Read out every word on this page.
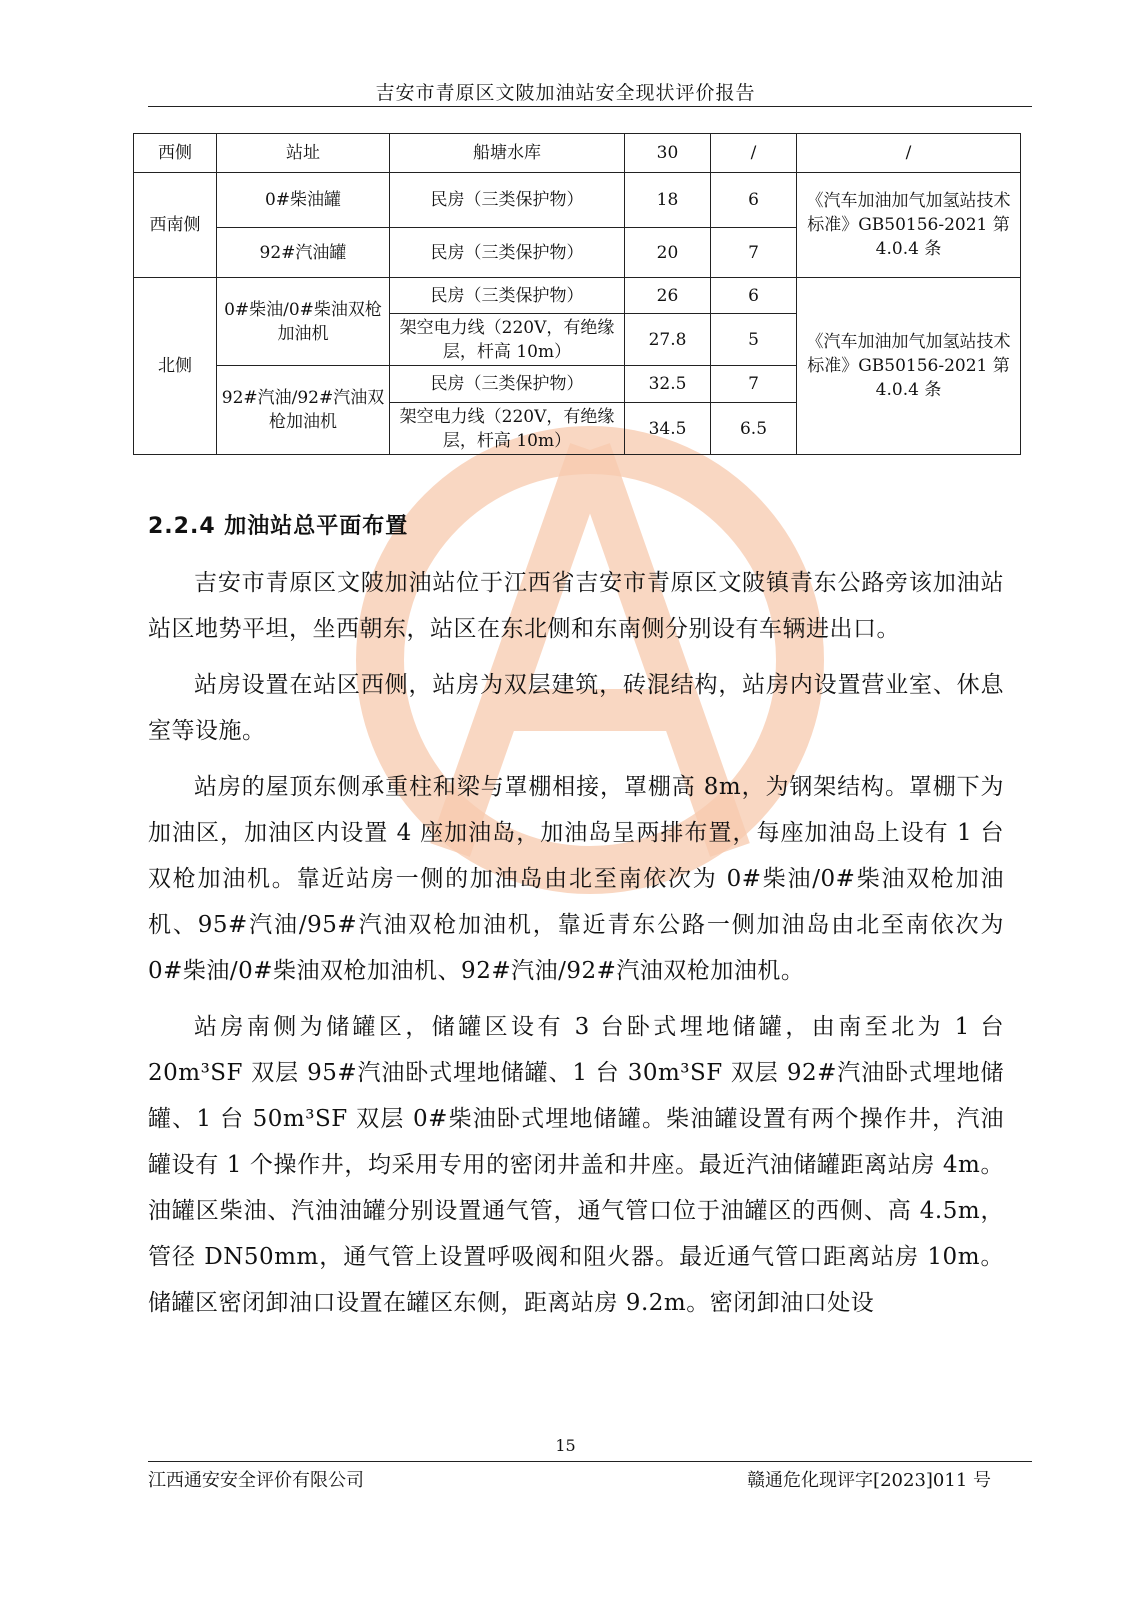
吉安市青原区文陂加油站安全现状评价报告
西侧	站址	船塘水库	30	/	/
西南侧	0#柴油罐	民房（三类保护物）	18	6	《汽车加油加气加氢站技术标准》GB50156-2021 第 4.0.4 条
	92#汽油罐	民房（三类保护物）	20	7	
北侧	0#柴油/0#柴油双枪加油机	民房（三类保护物）	26	6	《汽车加油加气加氢站技术标准》GB50156-2021 第 4.0.4 条
		架空电力线（220V，有绝缘层，杆高 10m）	27.8	5	
	92#汽油/92#汽油双枪加油机	民房（三类保护物）	32.5	7	
		架空电力线（220V，有绝缘层，杆高 10m）	34.5	6.5	
2.2.4 加油站总平面布置

吉安市青原区文陂加油站位于江西省吉安市青原区文陂镇青东公路旁该加油站站区地势平坦，坐西朝东，站区在东北侧和东南侧分别设有车辆进出口。

站房设置在站区西侧，站房为双层建筑，砖混结构，站房内设置营业室、休息室等设施。

站房的屋顶东侧承重柱和梁与罩棚相接，罩棚高 8m，为钢架结构。罩棚下为加油区，加油区内设置 4 座加油岛，加油岛呈两排布置，每座加油岛上设有 1 台双枪加油机。靠近站房一侧的加油岛由北至南依次为 0#柴油/0#柴油双枪加油机、95#汽油/95#汽油双枪加油机，靠近青东公路一侧加油岛由北至南依次为 0#柴油/0#柴油双枪加油机、92#汽油/92#汽油双枪加油机。

站房南侧为储罐区，储罐区设有 3 台卧式埋地储罐，由南至北为 1 台 20m³SF 双层 95#汽油卧式埋地储罐、1 台 30m³SF 双层 92#汽油卧式埋地储罐、1 台 50m³SF 双层 0#柴油卧式埋地储罐。柴油罐设置有两个操作井，汽油罐设有 1 个操作井，均采用专用的密闭井盖和井座。最近汽油储罐距离站房 4m。油罐区柴油、汽油油罐分别设置通气管，通气管口位于油罐区的西侧、高 4.5m，管径 DN50mm，通气管上设置呼吸阀和阻火器。最近通气管口距离站房 10m。储罐区密闭卸油口设置在罐区东侧，距离站房 9.2m。密闭卸油口处设

15
江西通安安全评价有限公司	赣通危化现评字[2023]011 号
